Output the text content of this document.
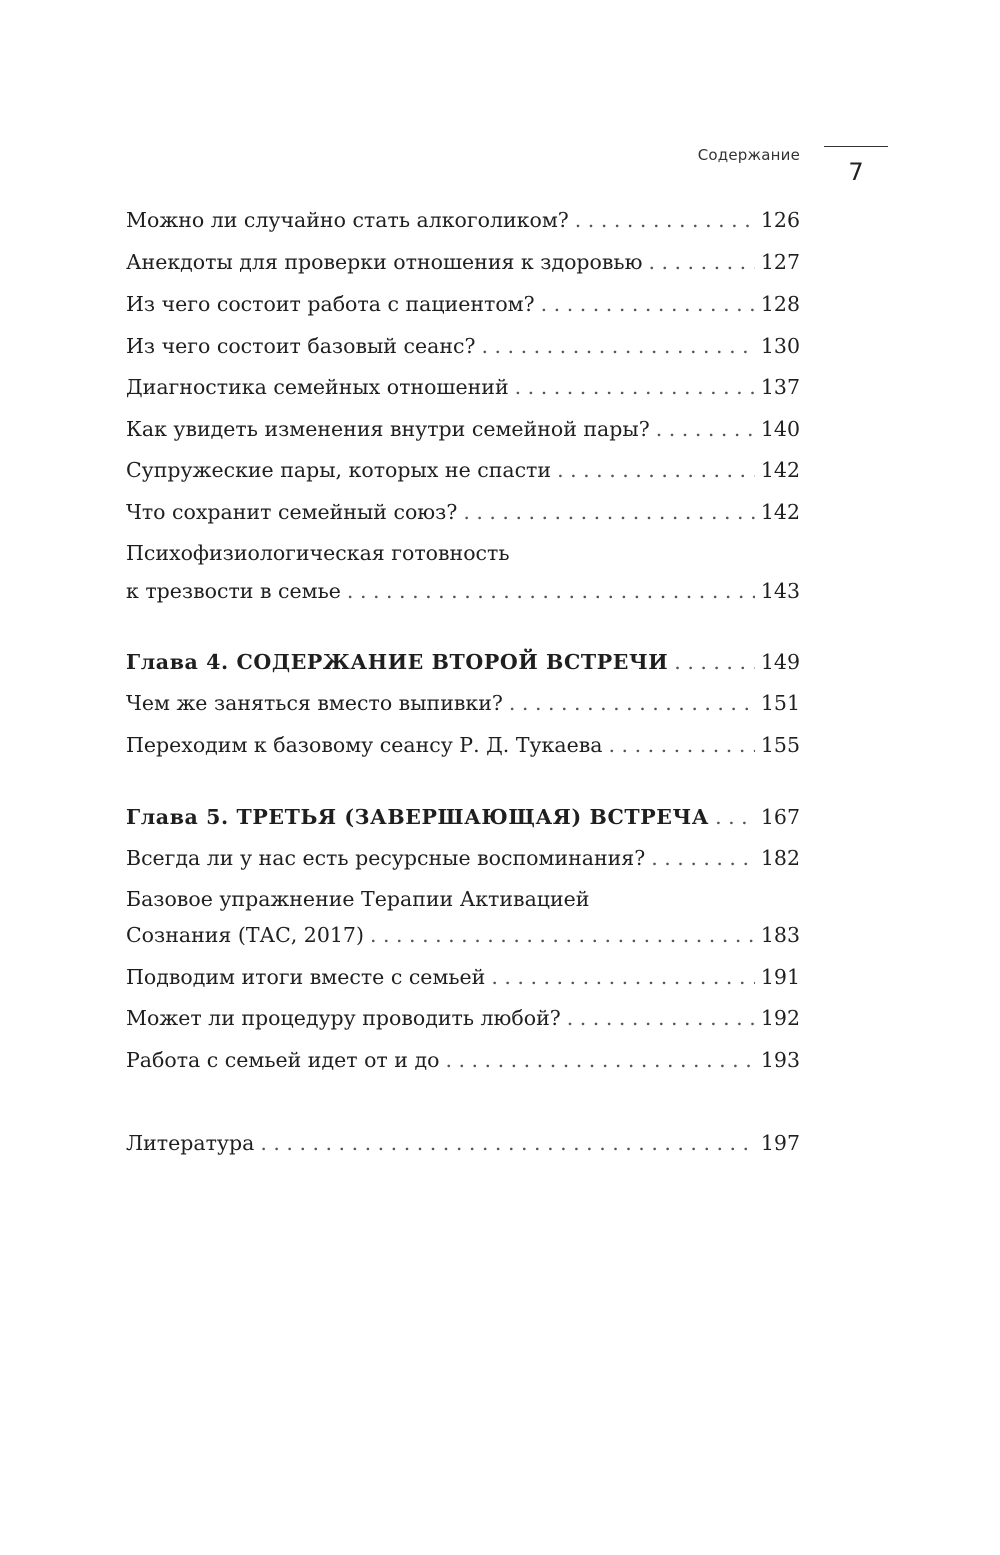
Содержание
7
Можно ли случайно стать алкоголиком? . . .	126
Анекдоты для проверки отношения к здоровью . . .	127
Из чего состоит работа с пациентом? . . .	128
Из чего состоит базовый сеанс? . . .	130
Диагностика семейных отношений . . .	137
Как увидеть изменения внутри семейной пары? . . .	140
Супружеские пары, которых не спасти . . .	142
Что сохранит семейный союз? . . .	142
Психофизиологическая готовность
к трезвости в семье . . .	143
Глава 4. СОДЕРЖАНИЕ ВТОРОЙ ВСТРЕЧИ . . .	149
Чем же заняться вместо выпивки? . . .	151
Переходим к базовому сеансу Р. Д. Тукаева . . .	155
Глава 5. ТРЕТЬЯ (ЗАВЕРШАЮЩАЯ) ВСТРЕЧА . . .	167
Всегда ли у нас есть ресурсные воспоминания? . . .	182
Базовое упражнение Терапии Активацией
Сознания (ТАС, 2017) . . .	183
Подводим итоги вместе с семьей . . .	191
Может ли процедуру проводить любой? . . .	192
Работа с семьей идет от и до . . .	193
Литература . . .	197
